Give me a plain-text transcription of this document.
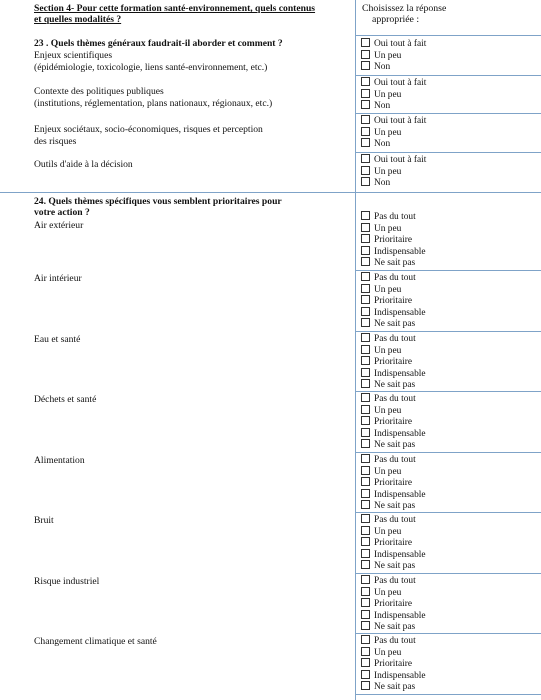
Section 4- Pour cette formation santé-environnement, quels contenus
et quelles modalités ?
Choisissez la réponse
appropriée :
23 . Quels thèmes généraux faudrait-il aborder et comment ?
Enjeux scientifiques
(épidémiologie, toxicologie, liens santé-environnement, etc.)
Contexte des politiques publiques
(institutions, réglementation, plans nationaux, régionaux, etc.)
Enjeux sociétaux, socio-économiques, risques et perception
des risques
Outils d'aide à la décision
Oui tout à fait
Un peu
Non
Oui tout à fait
Un peu
Non
Oui tout à fait
Un peu
Non
Oui tout à fait
Un peu
Non
24. Quels thèmes spécifiques vous semblent prioritaires pour
votre action ?
Air extérieur
Air intérieur
Eau et santé
Déchets et santé
Alimentation
Bruit
Risque industriel
Changement climatique et santé
Pas du tout
Un peu
Prioritaire
Indispensable
Ne sait pas
Pas du tout
Un peu
Prioritaire
Indispensable
Ne sait pas
Pas du tout
Un peu
Prioritaire
Indispensable
Ne sait pas
Pas du tout
Un peu
Prioritaire
Indispensable
Ne sait pas
Pas du tout
Un peu
Prioritaire
Indispensable
Ne sait pas
Pas du tout
Un peu
Prioritaire
Indispensable
Ne sait pas
Pas du tout
Un peu
Prioritaire
Indispensable
Ne sait pas
Pas du tout
Un peu
Prioritaire
Indispensable
Ne sait pas
